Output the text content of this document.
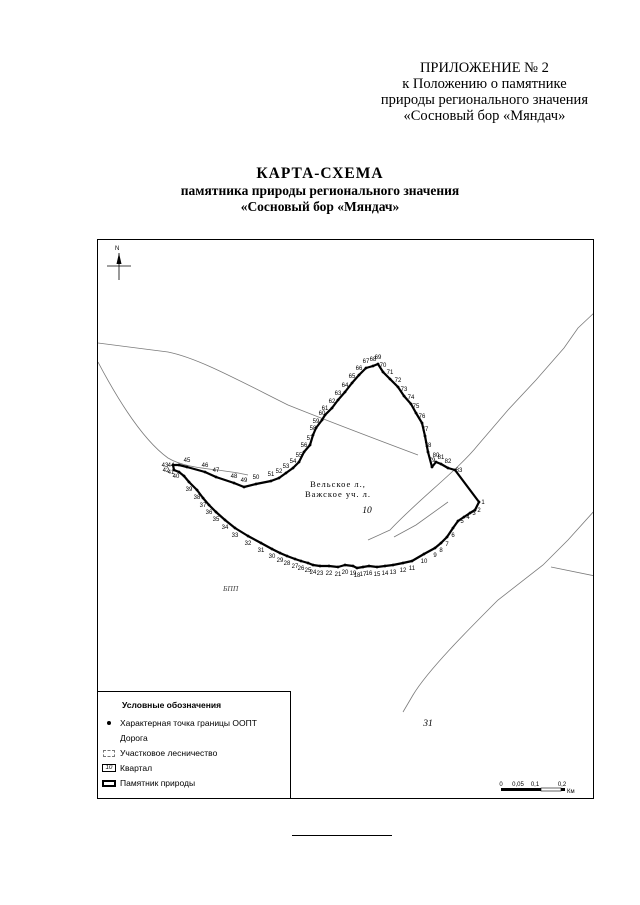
ПРИЛОЖЕНИЕ № 2
к Положению о памятнике
природы регионального значения
«Сосновый бор «Мяндач»
КАРТА-СХЕМА
памятника природы регионального значения
«Сосновый бор «Мяндач»
1
2
3
4
5
6
7
8
9
10
11
12
13
14
15
16
17
18
19
20
21
22
23
24
25
26
27
28
29
30
31
32
33
34
35
36
37
38
39
40
41
42
43 44
45
46
47
48
49 50 51 52
53
54
55
56
57
58
59
60
61
62
63
64
65
66
67 68
69
70
71
72
73
74
75
76
77
78
79
80
81
82
83
N
Вельское л.,
Важское уч. л.
10
БПП
31
0 0,05 0,1	0,2
Км
Условные обозначения
Характерная точка границы ООПТ
Дорога
Участковое лесничество
10 Квартал
Памятник природы
